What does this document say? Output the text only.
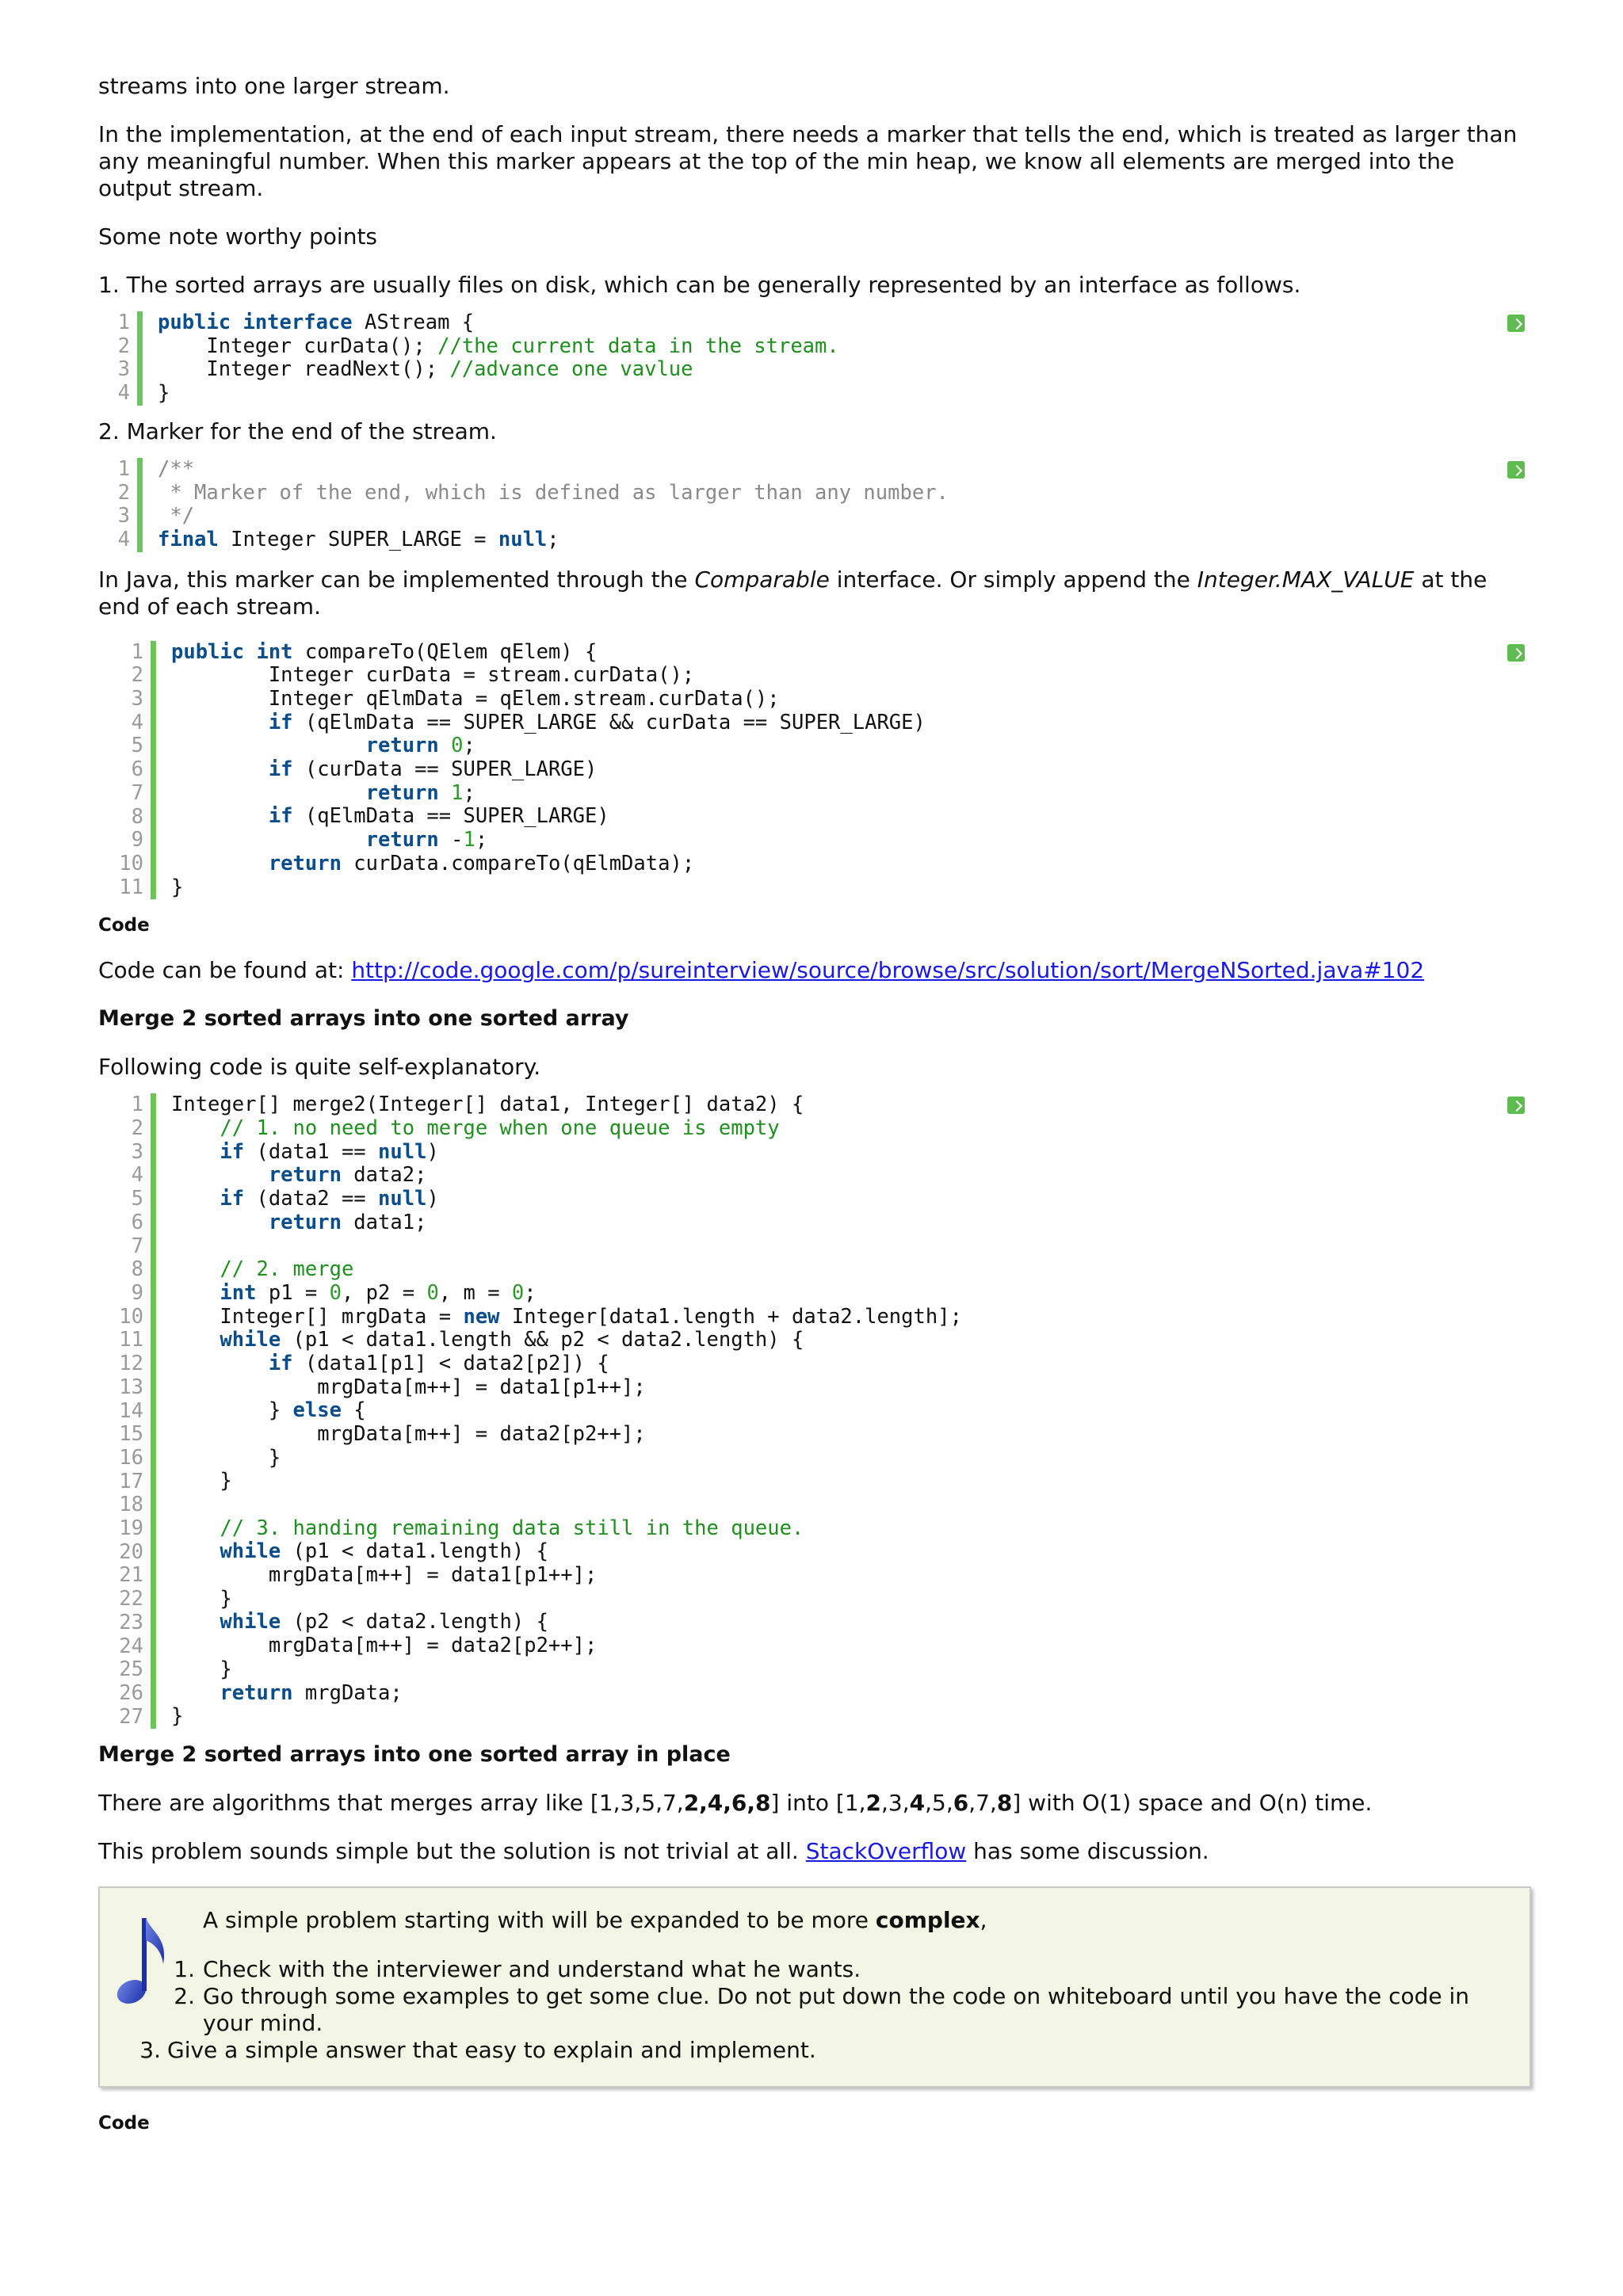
streams into one larger stream.

In the implementation, at the end of each input stream, there needs a marker that tells the end, which is treated as larger than any meaningful number. When this marker appears at the top of the min heap, we know all elements are merged into the output stream.

Some note worthy points

1. The sorted arrays are usually files on disk, which can be generally represented by an interface as follows.

1
2
3
4
public interface AStream {
Integer curData(); //the current data in the stream.
Integer readNext(); //advance one vavlue
}

2. Marker for the end of the stream.

1
2
3
4
/**
* Marker of the end, which is defined as larger than any number.
*/
final Integer SUPER_LARGE = null;

In Java, this marker can be implemented through the Comparable interface. Or simply append the Integer.MAX_VALUE at the end of each stream.

1
2
3
4
5
6
7
8
9
10
11
public int compareTo(QElem qElem) {
Integer curData = stream.curData();
Integer qElmData = qElem.stream.curData();
if (qElmData == SUPER_LARGE && curData == SUPER_LARGE)
return 0;
if (curData == SUPER_LARGE)
return 1;
if (qElmData == SUPER_LARGE)
return -1;
return curData.compareTo(qElmData);
}

Code

Code can be found at: http://code.google.com/p/sureinterview/source/browse/src/solution/sort/MergeNSorted.java#102

Merge 2 sorted arrays into one sorted array

Following code is quite self-explanatory.

1
2
3
4
5
6
7
8
9
10
11
12
13
14
15
16
17
18
19
20
21
22
23
24
25
26
27
Integer[] merge2(Integer[] data1, Integer[] data2) {
// 1. no need to merge when one queue is empty
if (data1 == null)
return data2;
if (data2 == null)
return data1;

// 2. merge
int p1 = 0, p2 = 0, m = 0;
Integer[] mrgData = new Integer[data1.length + data2.length];
while (p1 < data1.length && p2 < data2.length) {
if (data1[p1] < data2[p2]) {
mrgData[m++] = data1[p1++];
} else {
mrgData[m++] = data2[p2++];
}
}

// 3. handing remaining data still in the queue.
while (p1 < data1.length) {
mrgData[m++] = data1[p1++];
}
while (p2 < data2.length) {
mrgData[m++] = data2[p2++];
}
return mrgData;
}

Merge 2 sorted arrays into one sorted array in place

There are algorithms that merges array like [1,3,5,7,2,4,6,8] into [1,2,3,4,5,6,7,8] with O(1) space and O(n) time.

This problem sounds simple but the solution is not trivial at all. StackOverflow has some discussion.

A simple problem starting with will be expanded to be more complex,

1. Check with the interviewer and understand what he wants.
2. Go through some examples to get some clue. Do not put down the code on whiteboard until you have the code in your mind.
3. Give a simple answer that easy to explain and implement.

Code
